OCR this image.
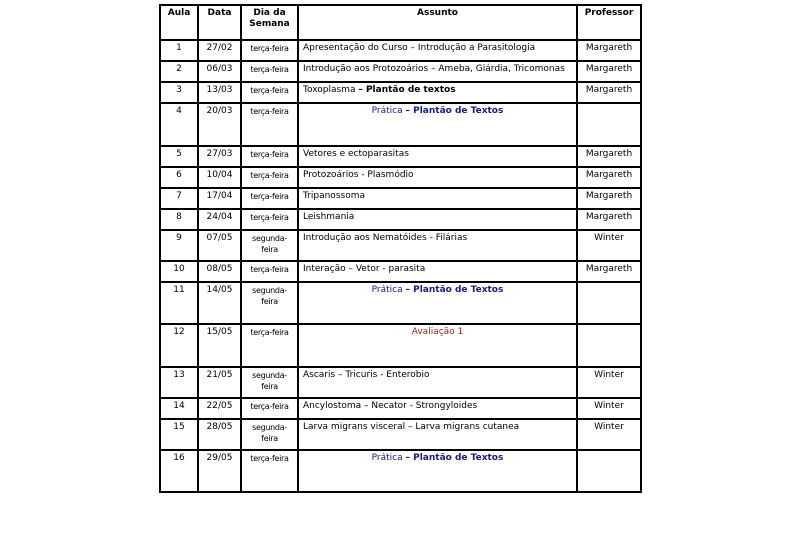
Aula	Data	Dia da Semana	Assunto	Professor
1	27/02	terça-feira	Apresentação do Curso – Introdução a Parasitologia	Margareth
2	06/03	terça-feira	Introdução aos Protozoários – Ameba, Giárdia, Tricomonas	Margareth
3	13/03	terça-feira	Toxoplasma – Plantão de textos	Margareth
4	20/03	terça-feira	Prática – Plantão de Textos	
5	27/03	terça-feira	Vetores e ectoparasitas	Margareth
6	10/04	terça-feira	Protozoários - Plasmódio	Margareth
7	17/04	terça-feira	Tripanossoma	Margareth
8	24/04	terça-feira	Leishmania	Margareth
9	07/05	segunda-feira	Introdução aos Nematóides - Filárias	Winter
10	08/05	terça-feira	Interação – Vetor - parasita	Margareth
11	14/05	segunda-feira	Prática – Plantão de Textos	
12	15/05	terça-feira	Avaliação 1	
13	21/05	segunda-feira	Ascaris – Tricuris - Enterobio	Winter
14	22/05	terça-feira	Ancylostoma – Necator - Strongyloides	Winter
15	28/05	segunda-feira	Larva migrans visceral – Larva migrans cutanea	Winter
16	29/05	terça-feira	Prática – Plantão de Textos	
